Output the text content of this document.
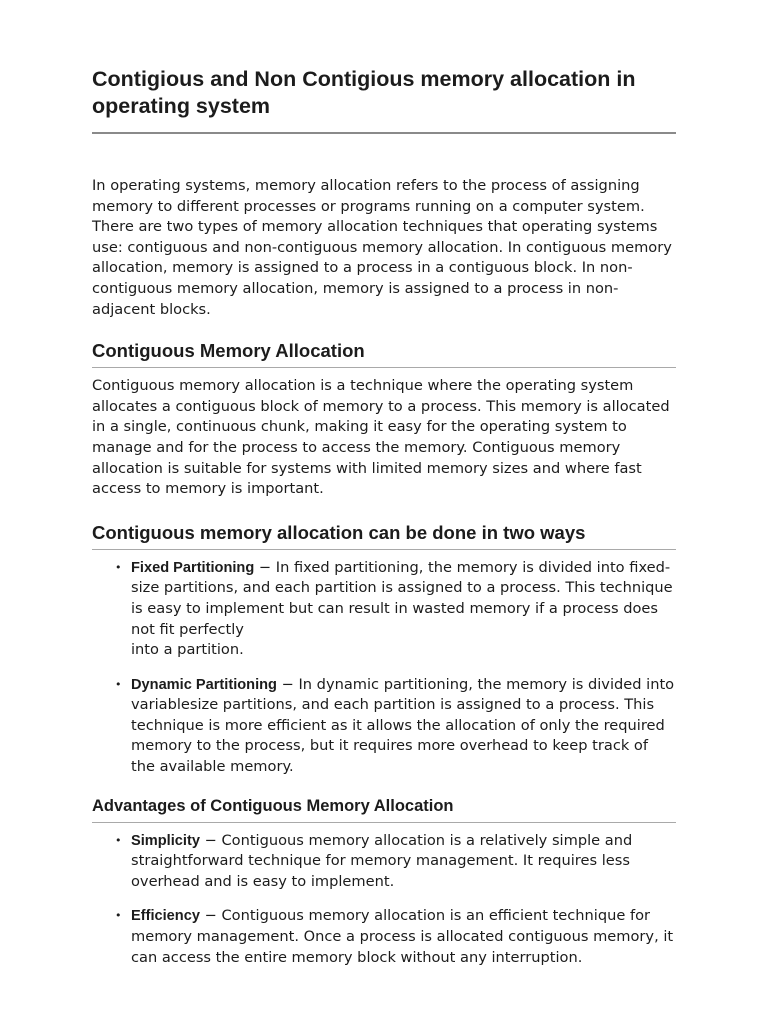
Contigious and Non Contigious memory allocation in operating system

In operating systems, memory allocation refers to the process of assigning memory to different processes or programs running on a computer system. There are two types of memory allocation techniques that operating systems use: contiguous and non-contiguous memory allocation. In contiguous memory allocation, memory is assigned to a process in a contiguous block. In non-contiguous memory allocation, memory is assigned to a process in non-adjacent blocks.

Contiguous Memory Allocation

Contiguous memory allocation is a technique where the operating system allocates a contiguous block of memory to a process. This memory is allocated in a single, continuous chunk, making it easy for the operating system to manage and for the process to access the memory. Contiguous memory allocation is suitable for systems with limited memory sizes and where fast access to memory is important.

Contiguous memory allocation can be done in two ways
• Fixed Partitioning − In fixed partitioning, the memory is divided into fixed-size partitions, and each partition is assigned to a process. This technique is easy to implement but can result in wasted memory if a process does not fit perfectly
into a partition.
• Dynamic Partitioning − In dynamic partitioning, the memory is divided into variablesize partitions, and each partition is assigned to a process. This technique is more efficient as it allows the allocation of only the required memory to the process, but it requires more overhead to keep track of the available memory.
Advantages of Contiguous Memory Allocation
• Simplicity − Contiguous memory allocation is a relatively simple and straightforward technique for memory management. It requires less overhead and is easy to implement.
• Efficiency − Contiguous memory allocation is an efficient technique for memory management. Once a process is allocated contiguous memory, it can access the entire memory block without any interruption.
